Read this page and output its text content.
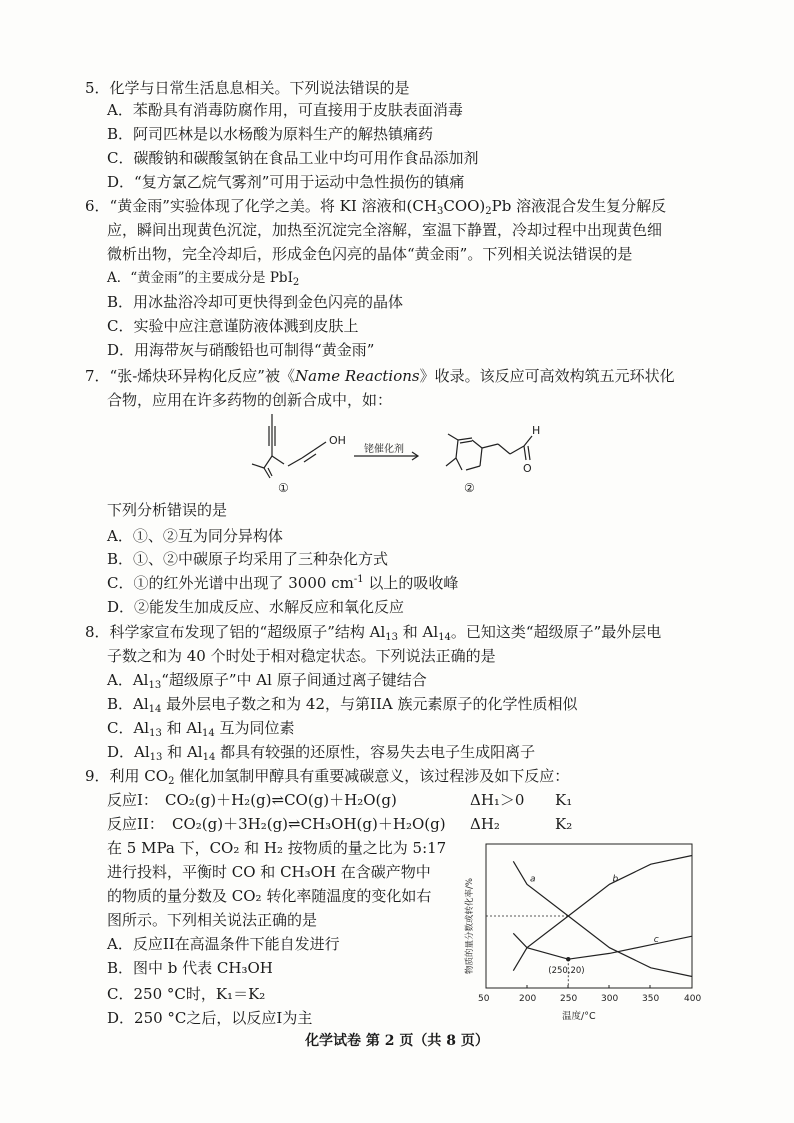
5．化学与日常生活息息相关。下列说法错误的是
A．苯酚具有消毒防腐作用，可直接用于皮肤表面消毒
B．阿司匹林是以水杨酸为原料生产的解热镇痛药
C．碳酸钠和碳酸氢钠在食品工业中均可用作食品添加剂
D．“复方氯乙烷气雾剂”可用于运动中急性损伤的镇痛
6．“黄金雨”实验体现了化学之美。将 KI 溶液和$(CH_3COO)_2Pb$ 溶液混合发生复分解反
应，瞬间出现黄色沉淀，加热至沉淀完全溶解，室温下静置，冷却过程中出现黄色细
微析出物，完全冷却后，形成金色闪亮的晶体“黄金雨”。下列相关说法错误的是
A．“黄金雨”的主要成分是 PbI$_2$
B．用冰盐浴冷却可更快得到金色闪亮的晶体
C．实验中应注意谨防液体溅到皮肤上
D．用海带灰与硝酸铅也可制得“黄金雨”
7．“张-烯炔环异构化反应”被《Name Reactions》收录。该反应可高效构筑五元环状化
合物，应用在许多药物的创新合成中，如：
OH
铑催化剂
H
O
①	②
下列分析错误的是
A．①、②互为同分异构体
B．①、②中碳原子均采用了三种杂化方式
C．①的红外光谱中出现了 3000 $cm^{-1}$ 以上的吸收峰
D．②能发生加成反应、水解反应和氧化反应
8．科学家宣布发现了铝的“超级原子”结构 $Al_{13}$ 和 $Al_{14}$。已知这类“超级原子”最外层电
子数之和为 40 个时处于相对稳定状态。下列说法正确的是
A．$Al_{13}“$超级原子”中 Al 原子间通过离子键结合
B．$Al_{14}$ 最外层电子数之和为 42，与第IIA 族元素原子的化学性质相似
C．$Al_{13}$ 和 $Al_{14}$ 互为同位素
D．$Al_{13}$ 和 $Al_{14}$ 都具有较强的还原性，容易失去电子生成阳离子
9．利用 $CO_2$ 催化加氢制甲醇具有重要减碳意义，该过程涉及如下反应：
反应I： CO₂(g)＋H₂(g)⇌CO(g)＋H₂O(g)	ΔH₁＞0 K₁
反应II： CO₂(g)＋3H₂(g)⇌CH₃OH(g)＋H₂O(g) ΔH₂	K₂
在 5 MPa 下，CO₂ 和 H₂ 按物质的量之比为 5:17
进行投料，平衡时 CO 和 CH₃OH 在含碳产物中
的物质的量分数及 CO₂ 转化率随温度的变化如右
图所示。下列相关说法正确的是
A．反应II在高温条件下能自发进行
B．图中 b 代表 CH₃OH
C．250 °C时，K₁＝K₂
D．250 °C之后，以反应I为主
物质的量分数或转化率/%
温度/°C
50	200	250	300	350	400
a	b
c
(250,20)
化学试卷 第 2 页（共 8 页）
